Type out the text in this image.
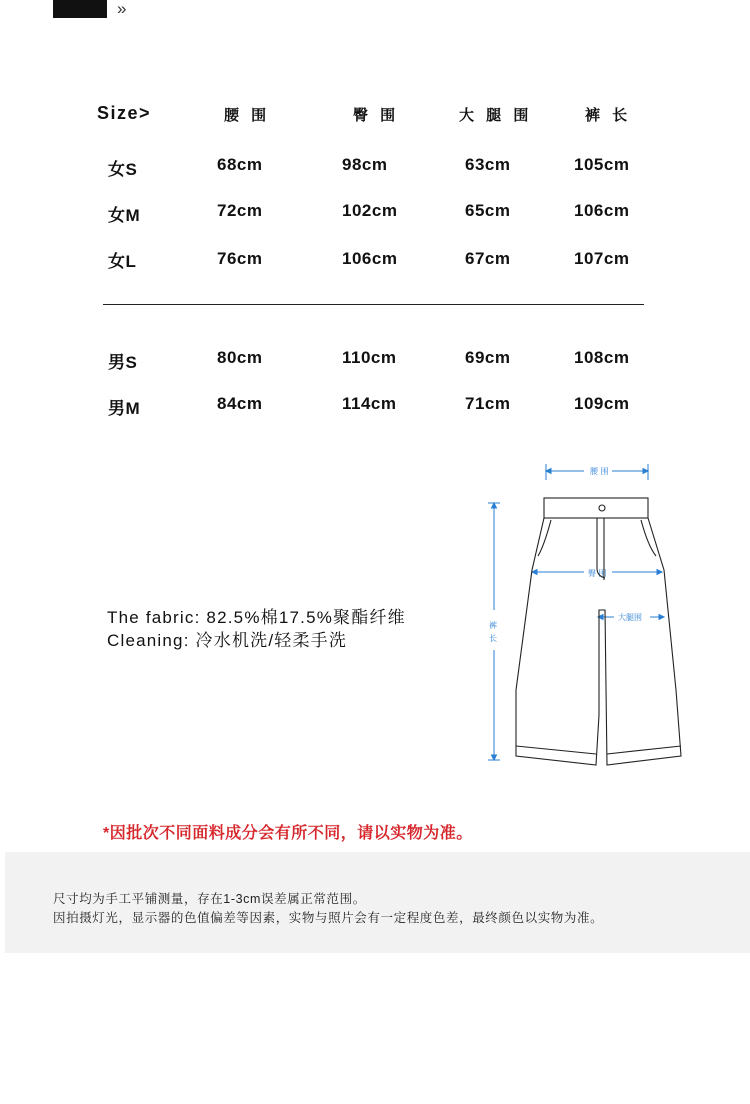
»
Size>	腰 围	臀 围	大 腿 围	裤 长
女S	68cm	98cm	63cm	105cm
女M	72cm	102cm	65cm	106cm
女L	76cm	106cm	67cm	107cm
男S	80cm	110cm	69cm	108cm
男M	84cm	114cm	71cm	109cm
The fabric: 82.5%棉17.5%聚酯纤维
Cleaning: 冷水机洗/轻柔手洗
腰 围
臀 围
大腿围
裤
长
*因批次不同面料成分会有所不同，请以实物为准。
尺寸均为手工平铺测量，存在1-3cm误差属正常范围。
因拍摄灯光，显示器的色值偏差等因素，实物与照片会有一定程度色差，最终颜色以实物为准。
